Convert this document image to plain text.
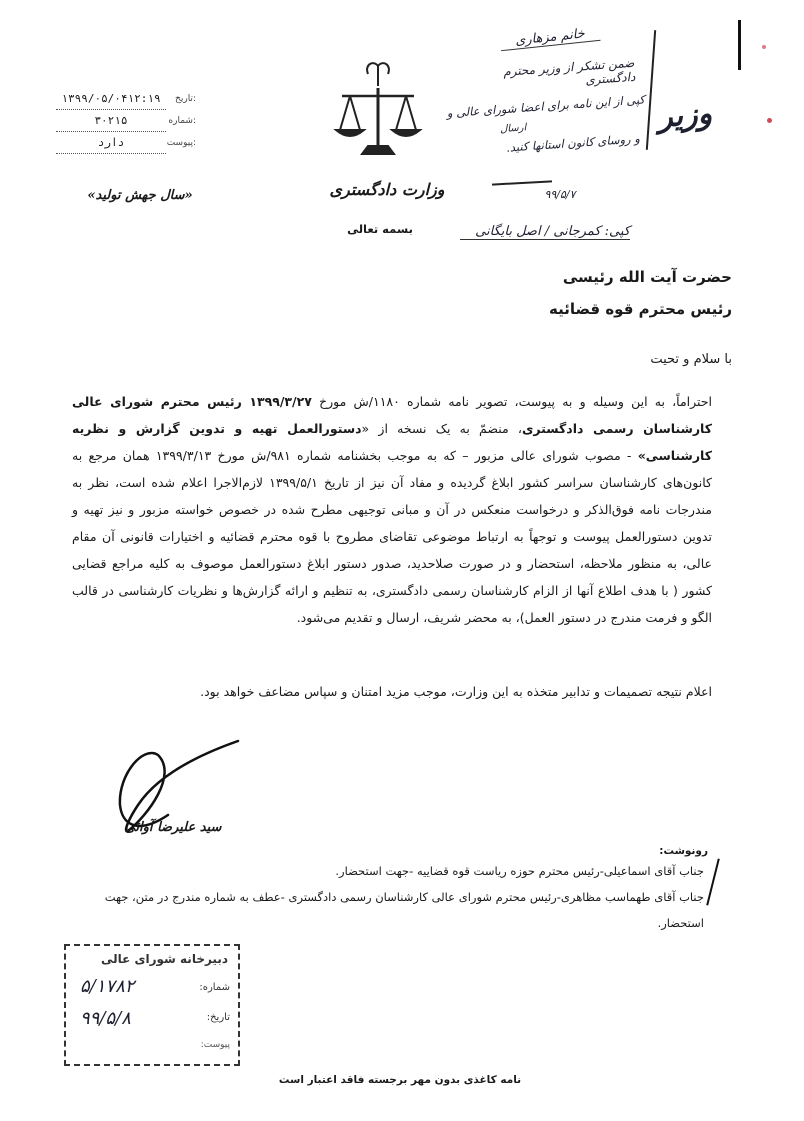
وزارت دادگستری
بسمه تعالی
تاریخ:
۱۳۹۹/۰۵/۰۴۱۲:۱۹
شماره:
۳۰۲۱۵
پیوست:
دارد
«سال جهش تولید»
خانم مزهاری
ضمن تشکر از وزیر محترم دادگستری
کپی از این نامه برای اعضا شورای عالی و
ارسال
و روسای کانون استانها کنید.
وزیر
۹۹/۵/۷
کپی: کمرجانی / اصل بایگانی
حضرت آیت الله رئیسی
رئیس محترم قوه قضائیه
با سلام و تحیت
احتراماً، به این وسیله و به پیوست، تصویر نامه شماره ۱۱۸۰/ش مورخ ۱۳۹۹/۳/۲۷ رئیس محترم شورای عالی کارشناسان رسمی دادگستری، منضمّ به یک نسخه از «دستورالعمل تهیه و تدوین گزارش و نظریه کارشناسی» - مصوب شورای عالی مزبور – که به موجب بخشنامه شماره ۹۸۱/ش مورخ ۱۳۹۹/۳/۱۳ همان مرجع به کانون‌های کارشناسان سراسر کشور ابلاغ گردیده و مفاد آن نیز از تاریخ ۱۳۹۹/۵/۱ لازم‌الاجرا اعلام شده است، نظر به مندرجات نامه فوق‌الذکر و درخواست منعکس در آن و مبانی توجیهی مطرح شده در خصوص خواسته مزبور و نیز تهیه و تدوین دستورالعمل پیوست و توجهاً به ارتباط موضوعی تقاضای مطروح با قوه محترم قضائیه و اختیارات قانونی آن مقام عالی، به منظور ملاحظه، استحضار و در صورت صلاحدید، صدور دستور ابلاغ دستورالعمل موصوف به کلیه مراجع قضایی کشور ( با هدف اطلاع آنها از الزام کارشناسان رسمی دادگستری، به تنظیم و ارائه گزارش‌ها و نظریات کارشناسی در قالب الگو و فرمت مندرج در دستور العمل)، به محضر شریف، ارسال و تقدیم می‌شود.
اعلام نتیجه تصمیمات و تدابیر متخذه به این وزارت، موجب مزید امتنان و سپاس مضاعف خواهد بود.
سید علیرضا آوائی
رونوشت:
جناب آقای اسماعیلی-رئیس محترم حوزه ریاست قوه قضاییه -جهت استحضار.
جناب آقای طهماسب مظاهری-رئیس محترم شورای عالی کارشناسان رسمی دادگستری -عطف به شماره مندرج در متن، جهت استحضار.
دبیرخانه شورای عالی
شماره:
۵/۱۷۸۲
تاریخ:
۹۹/۵/۸
پیوست:
نامه کاغذی بدون مهر برجسته فاقد اعتبار است
